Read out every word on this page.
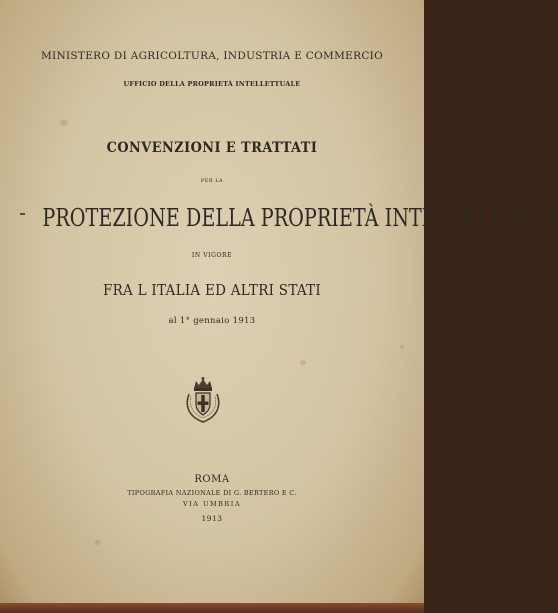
MINISTERO DI AGRICOLTURA, INDUSTRIA E COMMERCIO
UFFICIO DELLA PROPRIETÀ INTELLETTUALE
CONVENZIONI E TRATTATI
PER LA
PROTEZIONE DELLA PROPRIETÀ INTELLETTUALE
IN VIGORE
FRA L ITALIA ED ALTRI STATI
al 1° gennaio 1913
ROMA
TIPOGRAFIA NAZIONALE DI G. BERTERO E C.
VIA UMBRIA
1913
